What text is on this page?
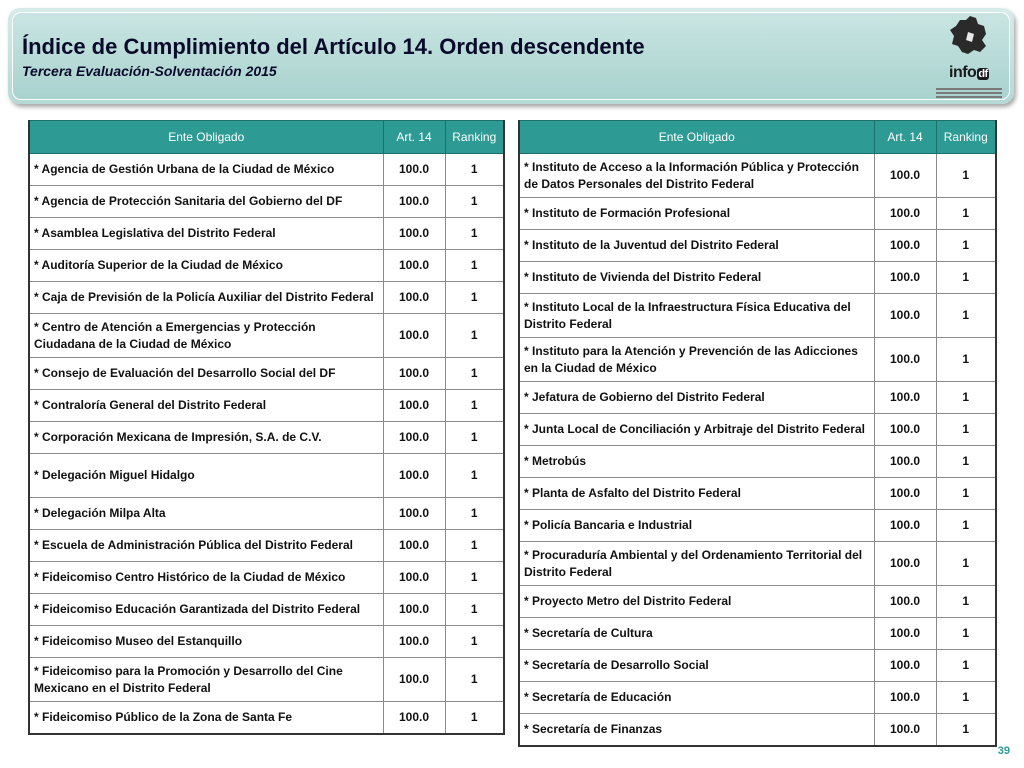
Índice de Cumplimiento del Artículo 14. Orden descendente
Tercera Evaluación-Solventación 2015	info df
Ente Obligado	Art. 14	Ranking
* Agencia de Gestión Urbana de la Ciudad de México	100.0	1
* Agencia de Protección Sanitaria del Gobierno del DF	100.0	1
* Asamblea Legislativa del Distrito Federal	100.0	1
* Auditoría Superior de la Ciudad de México	100.0	1
* Caja de Previsión de la Policía Auxiliar del Distrito Federal	100.0	1
* Centro de Atención a Emergencias y Protección Ciudadana de la Ciudad de México	100.0	1
* Consejo de Evaluación del Desarrollo Social del DF	100.0	1
* Contraloría General del Distrito Federal	100.0	1
* Corporación Mexicana de Impresión, S.A. de C.V.	100.0	1
* Delegación Miguel Hidalgo	100.0	1
* Delegación Milpa Alta	100.0	1
* Escuela de Administración Pública del Distrito Federal	100.0	1
* Fideicomiso Centro Histórico de la Ciudad de México	100.0	1
* Fideicomiso Educación Garantizada del Distrito Federal	100.0	1
* Fideicomiso Museo del Estanquillo	100.0	1
* Fideicomiso para la Promoción y Desarrollo del Cine Mexicano en el Distrito Federal	100.0	1
* Fideicomiso Público de la Zona de Santa Fe	100.0	1
Ente Obligado	Art. 14	Ranking
* Instituto de Acceso a la Información Pública y Protección de Datos Personales del Distrito Federal	100.0	1
* Instituto de Formación Profesional	100.0	1
* Instituto de la Juventud del Distrito Federal	100.0	1
* Instituto de Vivienda del Distrito Federal	100.0	1
* Instituto Local de la Infraestructura Física Educativa del Distrito Federal	100.0	1
* Instituto para la Atención y Prevención de las Adicciones en la Ciudad de México	100.0	1
* Jefatura de Gobierno del Distrito Federal	100.0	1
* Junta Local de Conciliación y Arbitraje del Distrito Federal	100.0	1
* Metrobús	100.0	1
* Planta de Asfalto del Distrito Federal	100.0	1
* Policía Bancaria e Industrial	100.0	1
* Procuraduría Ambiental y del Ordenamiento Territorial del Distrito Federal	100.0	1
* Proyecto Metro del Distrito Federal	100.0	1
* Secretaría de Cultura	100.0	1
* Secretaría de Desarrollo Social	100.0	1
* Secretaría de Educación	100.0	1
* Secretaría de Finanzas	100.0	1
39
